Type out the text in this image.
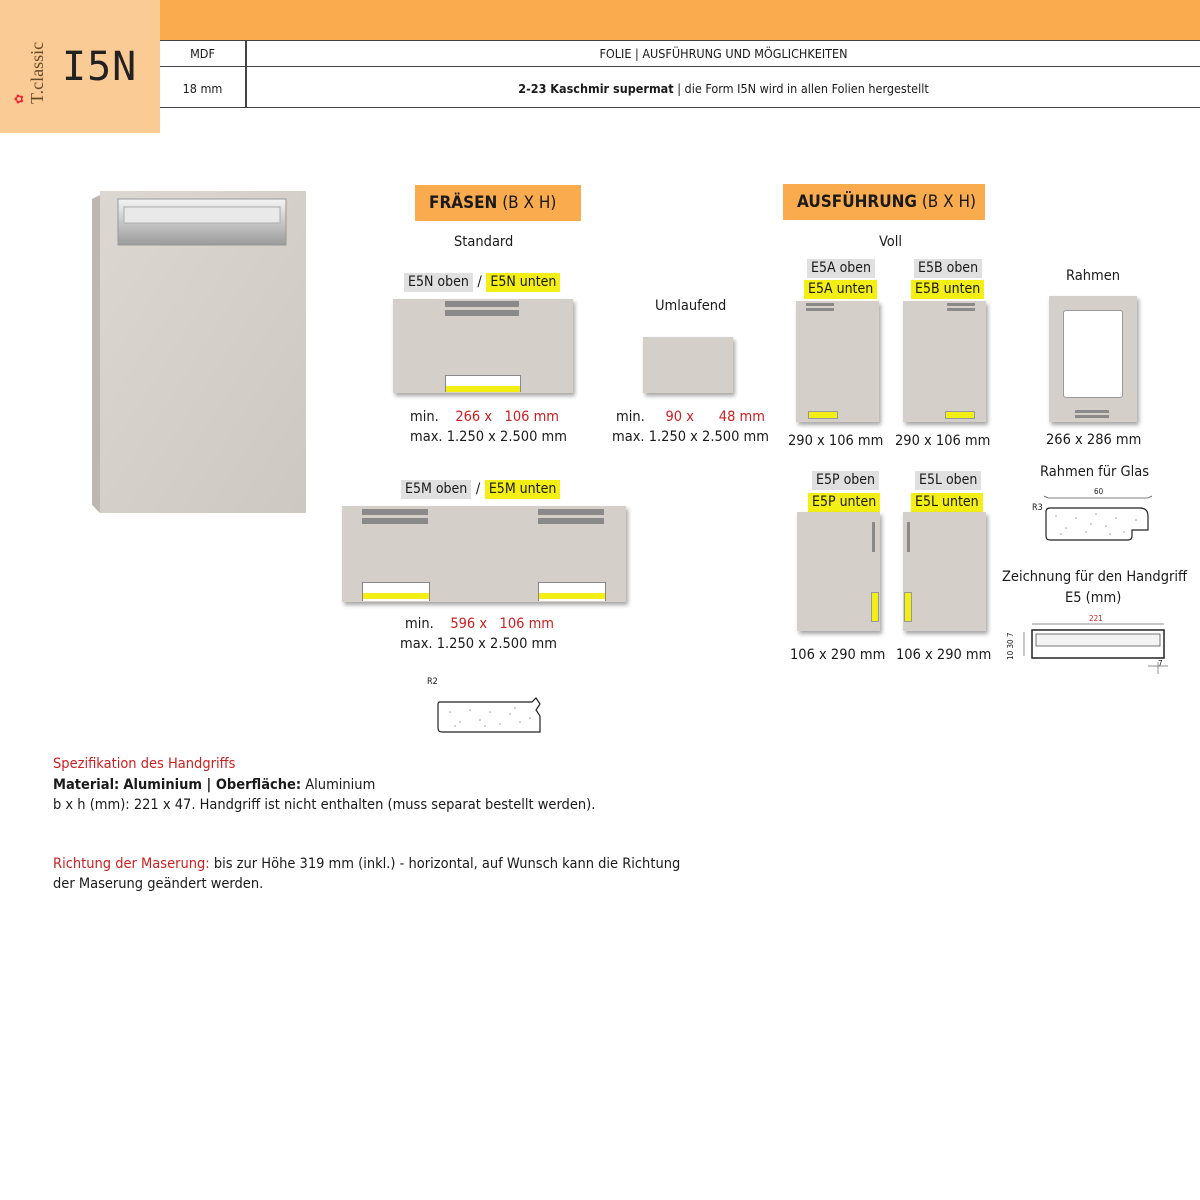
✿ T.classic I5N	MDF	FOLIE | AUSFÜHRUNG UND MÖGLICHKEITEN
18 mm	2-23 Kaschmir supermat | die Form I5N wird in allen Folien hergestellt
FRÄSEN (B X H)
Standard
E5N oben / E5N unten
min. 266 x 106 mm
max. 1.250 x 2.500 mm
Umlaufend
min. 90 x 48 mm
max. 1.250 x 2.500 mm
E5M oben / E5M unten
min. 596 x 106 mm
max. 1.250 x 2.500 mm
R2
AUSFÜHRUNG (B X H)
Voll
E5A oben
E5A unten
290 x 106 mm
E5B oben
E5B unten
290 x 106 mm
Rahmen
266 x 286 mm
Rahmen für Glas
60
R3
E5P oben
E5P unten
106 x 290 mm
E5L oben
E5L unten
106 x 290 mm
Zeichnung für den Handgriff
E5 (mm)
221
10 30 7
7
Spezifikation des Handgriffs
Material: Aluminium | Oberfläche: Aluminium
b x h (mm): 221 x 47. Handgriff ist nicht enthalten (muss separat bestellt werden).
Richtung der Maserung: bis zur Höhe 319 mm (inkl.) - horizontal, auf Wunsch kann die Richtung
der Maserung geändert werden.
